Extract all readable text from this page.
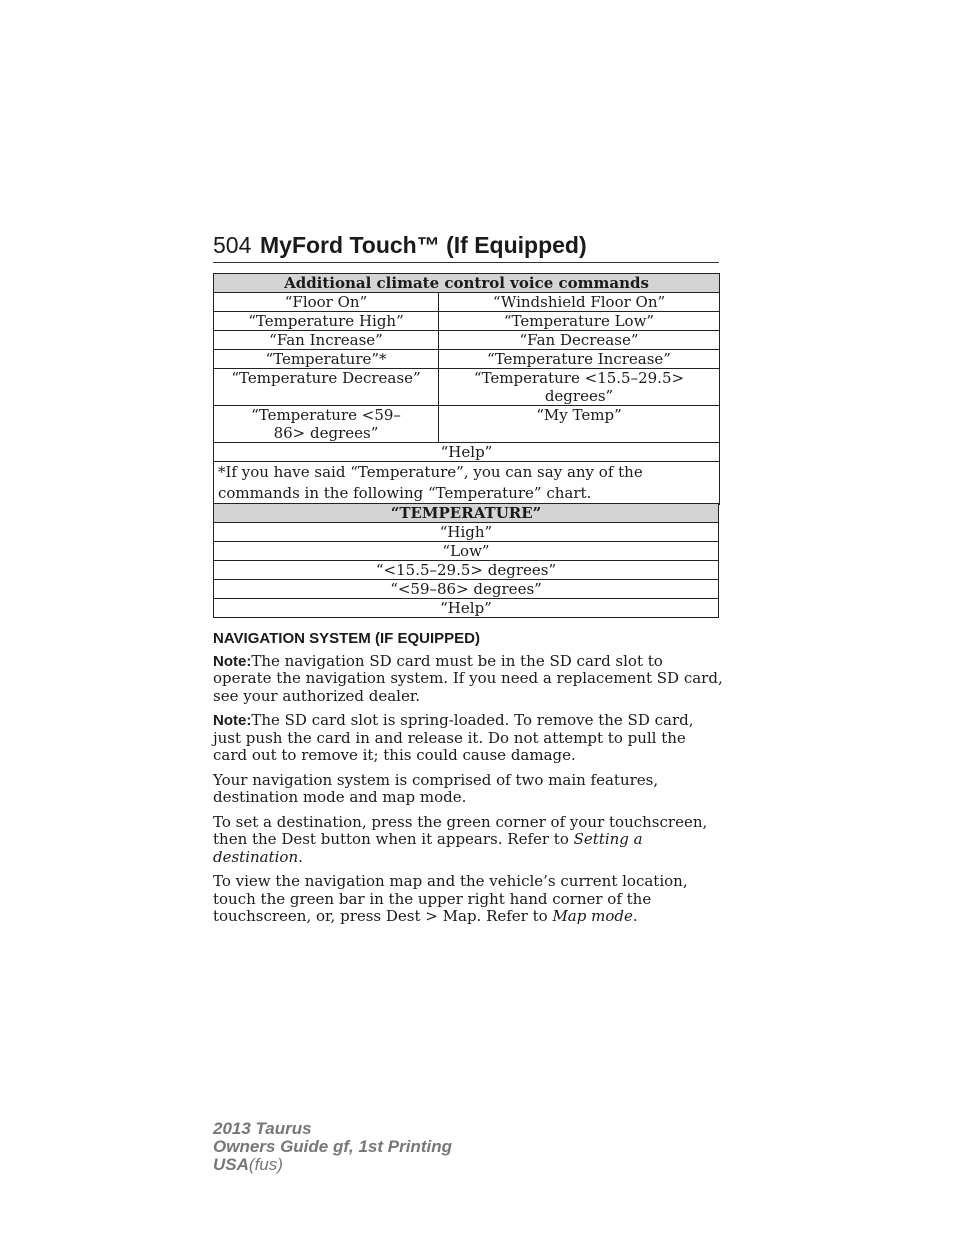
504 MyFord Touch™ (If Equipped)
Additional climate control voice commands	
“Floor On”	“Windshield Floor On”
“Temperature High”	“Temperature Low”
“Fan Increase”	“Fan Decrease”
“Temperature”*	“Temperature Increase”
“Temperature Decrease”	“Temperature <15.5–29.5> degrees”
“Temperature <59–86> degrees”	“My Temp”
“Help”	
*If you have said “Temperature”, you can say any of the commands in the following “Temperature” chart.	
“TEMPERATURE”
“High”
“Low”
“<15.5–29.5> degrees”
“<59–86> degrees”
“Help”
NAVIGATION SYSTEM (IF EQUIPPED)

Note:The navigation SD card must be in the SD card slot to operate the navigation system. If you need a replacement SD card, see your authorized dealer.

Note:The SD card slot is spring-loaded. To remove the SD card, just push the card in and release it. Do not attempt to pull the card out to remove it; this could cause damage.

Your navigation system is comprised of two main features, destination mode and map mode.

To set a destination, press the green corner of your touchscreen, then the Dest button when it appears. Refer to Setting a destination.

To view the navigation map and the vehicle’s current location, touch the green bar in the upper right hand corner of the touchscreen, or, press Dest > Map. Refer to Map mode.

2013 Taurus
Owners Guide gf, 1st Printing
USA(fus)
